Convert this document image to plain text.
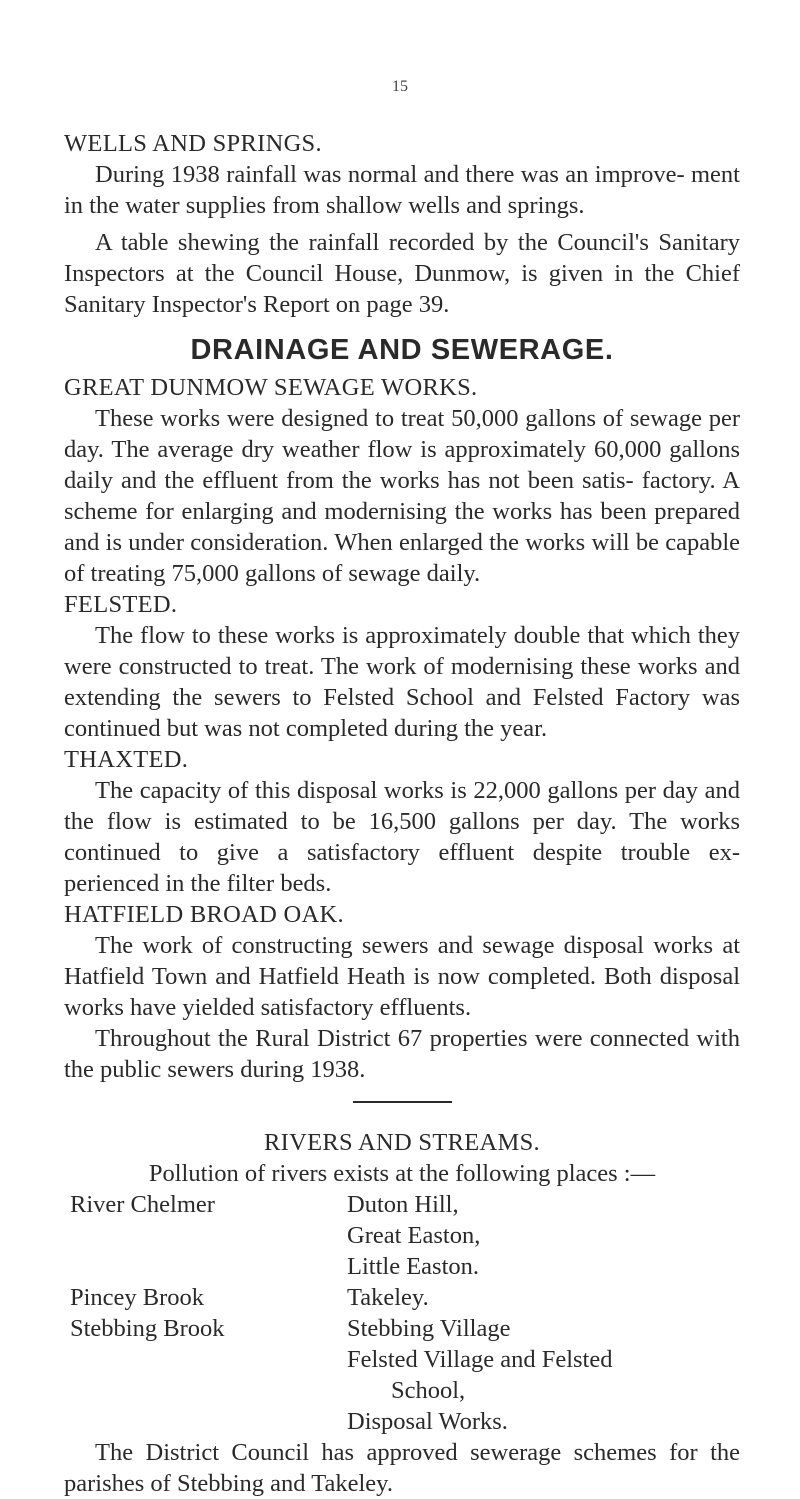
15

WELLS AND SPRINGS.

During 1938 rainfall was normal and there was an improve- ment in the water supplies from shallow wells and springs.

A table shewing the rainfall recorded by the Council's Sanitary Inspectors at the Council House, Dunmow, is given in the Chief Sanitary Inspector's Report on page 39.

DRAINAGE AND SEWERAGE.

GREAT DUNMOW SEWAGE WORKS.

These works were designed to treat 50,000 gallons of sewage per day. The average dry weather flow is approximately 60,000 gallons daily and the effluent from the works has not been satis- factory. A scheme for enlarging and modernising the works has been prepared and is under consideration. When enlarged the works will be capable of treating 75,000 gallons of sewage daily.

FELSTED.

The flow to these works is approximately double that which they were constructed to treat. The work of modernising these works and extending the sewers to Felsted School and Felsted Factory was continued but was not completed during the year.

THAXTED.

The capacity of this disposal works is 22,000 gallons per day and the flow is estimated to be 16,500 gallons per day. The works continued to give a satisfactory effluent despite trouble ex- perienced in the filter beds.

HATFIELD BROAD OAK.

The work of constructing sewers and sewage disposal works at Hatfield Town and Hatfield Heath is now completed. Both disposal works have yielded satisfactory effluents.

Throughout the Rural District 67 properties were connected with the public sewers during 1938.

RIVERS AND STREAMS.

Pollution of rivers exists at the following places :—

River Chelmer	Duton Hill,
Great Easton,
Little Easton.
Pincey Brook	Takeley.
Stebbing Brook	Stebbing Village
Felsted Village and Felsted
School,
Disposal Works.

The District Council has approved sewerage schemes for the parishes of Stebbing and Takeley.
